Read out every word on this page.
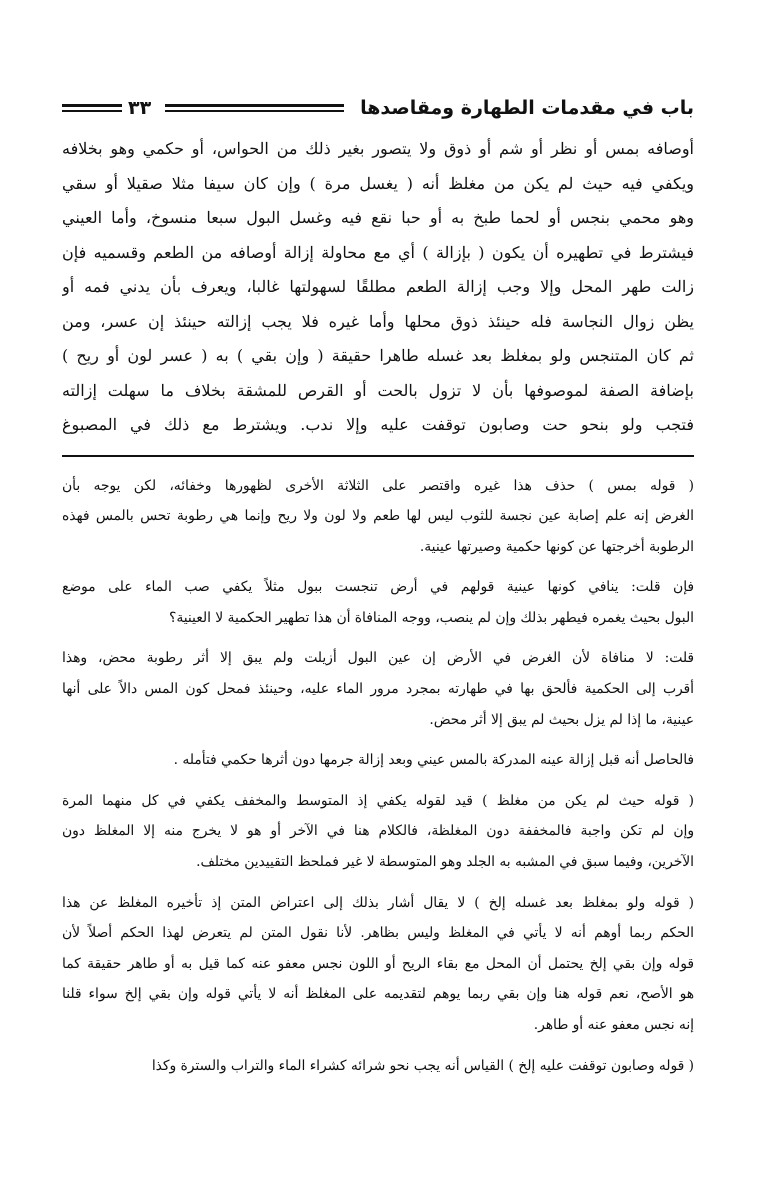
باب في مقدمات الطهارة ومقاصدها
٣٣
أوصافه بمس أو نظر أو شم أو ذوق ولا يتصور بغير ذلك من الحواس، أو حكمي وهو بخلافه
ويكفي فيه حيث لم يكن من مغلظ أنه ( يغسل مرة ) وإن كان سيفا مثلا صقيلا أو سقي
وهو محمي بنجس أو لحما طبخ به أو حبا نقع فيه وغسل البول سبعا منسوخ، وأما العيني
فيشترط في تطهيره أن يكون ( بإزالة ) أي مع محاولة إزالة أوصافه من الطعم وقسميه فإن
زالت طهر المحل وإلا وجب إزالة الطعم مطلقًا لسهولتها غالبا، ويعرف بأن يدني فمه أو
يظن زوال النجاسة فله حينئذ ذوق محلها وأما غيره فلا يجب إزالته حينئذ إن عسر، ومن
ثم كان المتنجس ولو بمغلظ بعد غسله طاهرا حقيقة ( وإن بقي ) به ( عسر لون أو ريح )
بإضافة الصفة لموصوفها بأن لا تزول بالحت أو القرص للمشقة بخلاف ما سهلت إزالته
فتجب ولو بنحو حت وصابون توقفت عليه وإلا ندب. ويشترط مع ذلك في المصبوغ
( قوله بمس ) حذف هذا غيره واقتصر على الثلاثة الأخرى لظهورها وخفائه، لكن يوجه بأن
الغرض إنه علم إصابة عين نجسة للثوب ليس لها طعم ولا لون ولا ريح وإنما هي رطوبة تحس بالمس فهذه
الرطوبة أخرجتها عن كونها حكمية وصيرتها عينية.
فإن قلت: ينافي كونها عينية قولهم في أرض تنجست ببول مثلاً يكفي صب الماء على موضع
البول بحيث يغمره فيطهر بذلك وإن لم ينصب، ووجه المنافاة أن هذا تطهير الحكمية لا العينية؟
قلت: لا منافاة لأن الغرض في الأرض إن عين البول أزيلت ولم يبق إلا أثر رطوبة محض، وهذا
أقرب إلى الحكمية فألحق بها في طهارته بمجرد مرور الماء عليه، وحينئذ فمحل كون المس دالاً على أنها
عينية، ما إذا لم يزل بحيث لم يبق إلا أثر محض.
فالحاصل أنه قبل إزالة عينه المدركة بالمس عيني وبعد إزالة جرمها دون أثرها حكمي فتأمله .
( قوله حيث لم يكن من مغلظ ) قيد لقوله يكفي إذ المتوسط والمخفف يكفي في كل منهما المرة
وإن لم تكن واجبة فالمخففة دون المغلظة، فالكلام هنا في الآخر أو هو لا يخرج منه إلا المغلظ دون
الآخرين، وفيما سبق في المشبه به الجلد وهو المتوسطة لا غير فملحظ التقييدين مختلف.
( قوله ولو بمغلظ بعد غسله إلخ ) لا يقال أشار بذلك إلى اعتراض المتن إذ تأخيره المغلظ عن هذا
الحكم ربما أوهم أنه لا يأتي في المغلظ وليس بظاهر. لأنا نقول المتن لم يتعرض لهذا الحكم أصلاً لأن
قوله وإن بقي إلخ يحتمل أن المحل مع بقاء الريح أو اللون نجس معفو عنه كما قيل به أو طاهر حقيقة كما
هو الأصح، نعم قوله هنا وإن بقي ربما يوهم لتقديمه على المغلظ أنه لا يأتي قوله وإن بقي إلخ سواء قلنا
إنه نجس معفو عنه أو طاهر.
( قوله وصابون توقفت عليه إلخ ) القياس أنه يجب نحو شرائه كشراء الماء والتراب والسترة وكذا
